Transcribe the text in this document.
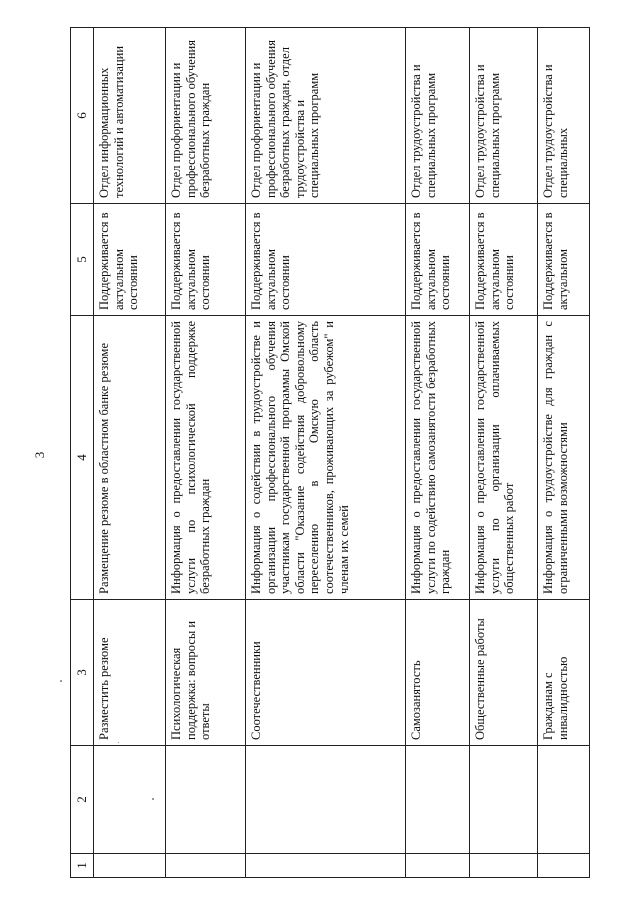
3
1	2	3	4	5	6
		Разместить резюме	Размещение резюме в областном банке резюме	Поддерживается в актуальном состоянии	Отдел информационных технологий и автоматизации
		Психологическая поддержка: вопросы и ответы	Информация о предоставлении государственной услуги по психологической поддержке безработных граждан	Поддерживается в актуальном состоянии	Отдел профориентации и профессионального обучения безработных граждан
		Соотечественники	Информация о содействии в трудоустройстве и организации профессионального обучения участникам государственной программы Омской области "Оказание содействия добровольному переселению в Омскую область соотечественников, проживающих за рубежом" и членам их семей	Поддерживается в актуальном состоянии	Отдел профориентации и профессионального обучения безработных граждан, отдел трудоустройства и специальных программ
		Самозанятость	Информация о предоставлении государственной услуги по содействию самозанятости безработных граждан	Поддерживается в актуальном состоянии	Отдел трудоустройства и специальных программ
		Общественные работы	Информация о предоставлении государственной услуги по организации оплачиваемых общественных работ	Поддерживается в актуальном состоянии	Отдел трудоустройства и специальных программ
		Гражданам с инвалидностью	Информация о трудоустройстве для граждан с ограниченными возможностями	Поддерживается в актуальном	Отдел трудоустройства и специальных
